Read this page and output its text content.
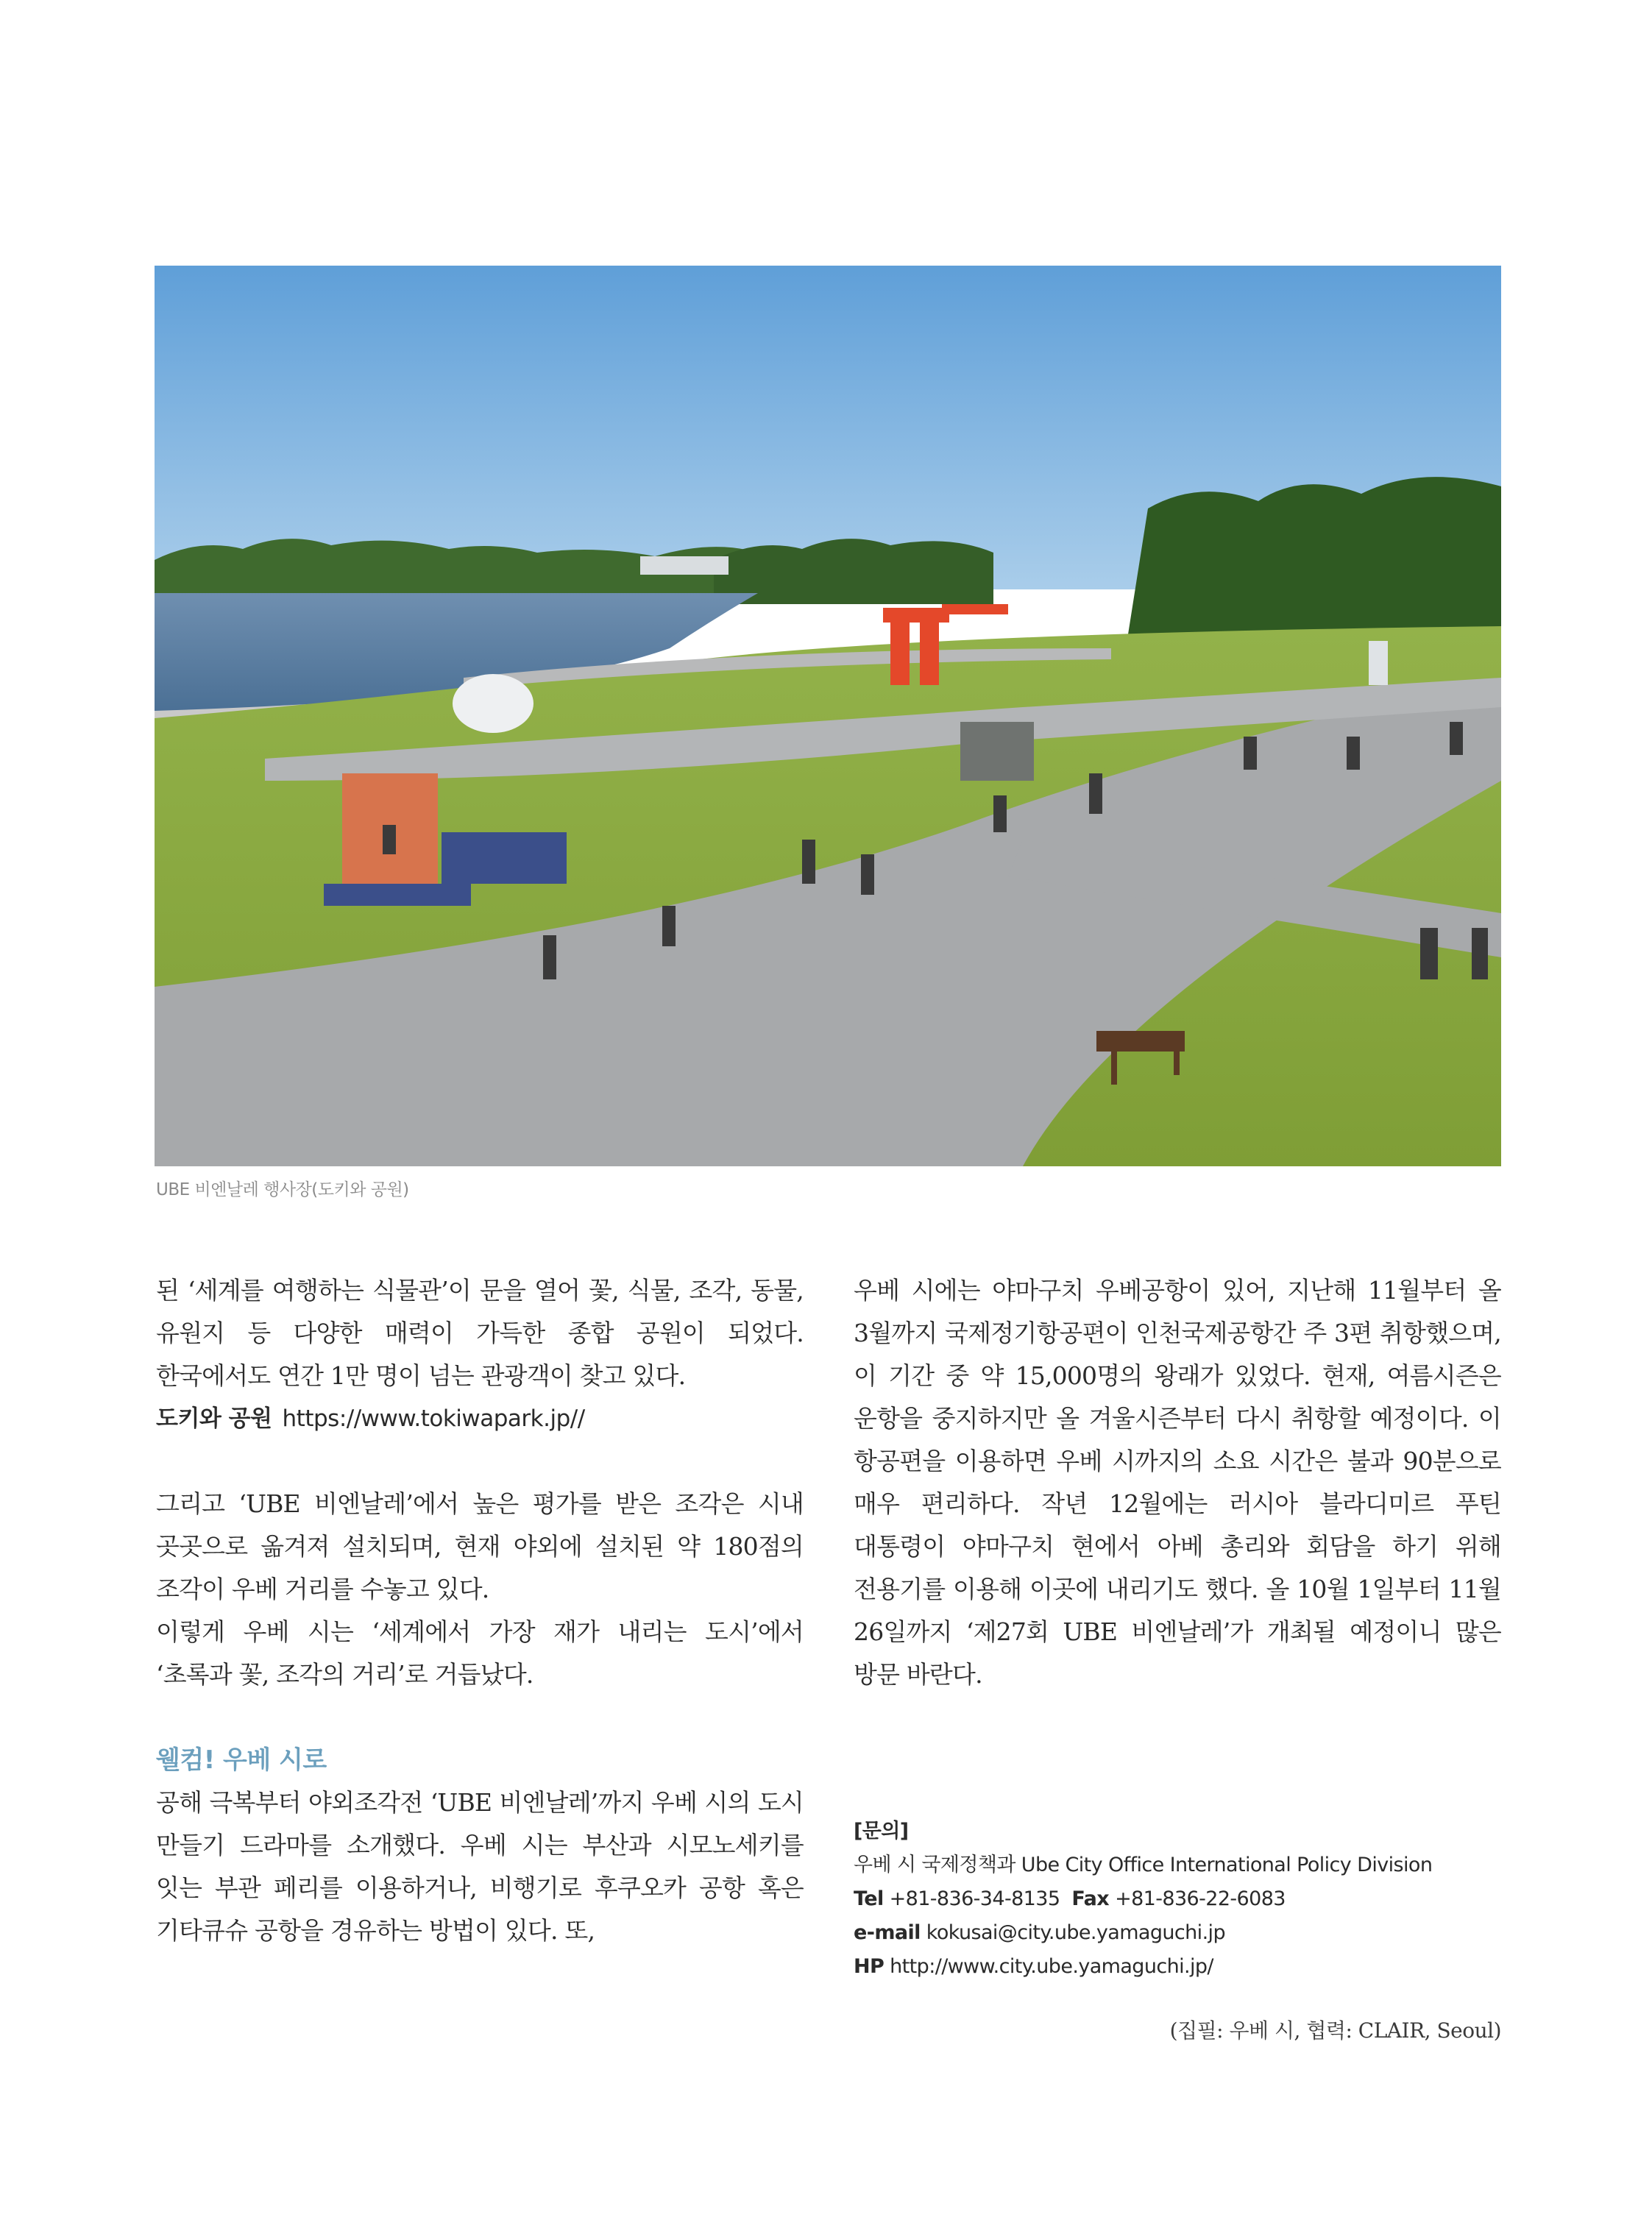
UBE 비엔날레 행사장(도키와 공원)

된 ‘세계를 여행하는 식물관’이 문을 열어 꽃, 식물, 조각, 동물, 유원지 등 다양한 매력이 가득한 종합 공원이 되었다. 한국에서도 연간 1만 명이 넘는 관광객이 찾고 있다.

도키와 공원 https://www.tokiwapark.jp//

그리고 ‘UBE 비엔날레’에서 높은 평가를 받은 조각은 시내 곳곳으로 옮겨져 설치되며, 현재 야외에 설치된 약 180점의 조각이 우베 거리를 수놓고 있다.

이렇게 우베 시는 ‘세계에서 가장 재가 내리는 도시’에서 ‘초록과 꽃, 조각의 거리’로 거듭났다.

웰컴! 우베 시로

공해 극복부터 야외조각전 ‘UBE 비엔날레’까지 우베 시의 도시 만들기 드라마를 소개했다. 우베 시는 부산과 시모노세키를 잇는 부관 페리를 이용하거나, 비행기로 후쿠오카 공항 혹은 기타큐슈 공항을 경유하는 방법이 있다. 또,

우베 시에는 야마구치 우베공항이 있어, 지난해 11월부터 올 3월까지 국제정기항공편이 인천국제공항간 주 3편 취항했으며, 이 기간 중 약 15,000명의 왕래가 있었다. 현재, 여름시즌은 운항을 중지하지만 올 겨울시즌부터 다시 취항할 예정이다. 이 항공편을 이용하면 우베 시까지의 소요 시간은 불과 90분으로 매우 편리하다. 작년 12월에는 러시아 블라디미르 푸틴 대통령이 야마구치 현에서 아베 총리와 회담을 하기 위해 전용기를 이용해 이곳에 내리기도 했다. 올 10월 1일부터 11월 26일까지 ‘제27회 UBE 비엔날레’가 개최될 예정이니 많은 방문 바란다.

[문의]
우베 시 국제정책과 Ube City Office International Policy Division
Tel +81-836-34-8135 Fax +81-836-22-6083
e-mail kokusai@city.ube.yamaguchi.jp
HP http://www.city.ube.yamaguchi.jp/
(집필: 우베 시, 협력: CLAIR, Seoul)
